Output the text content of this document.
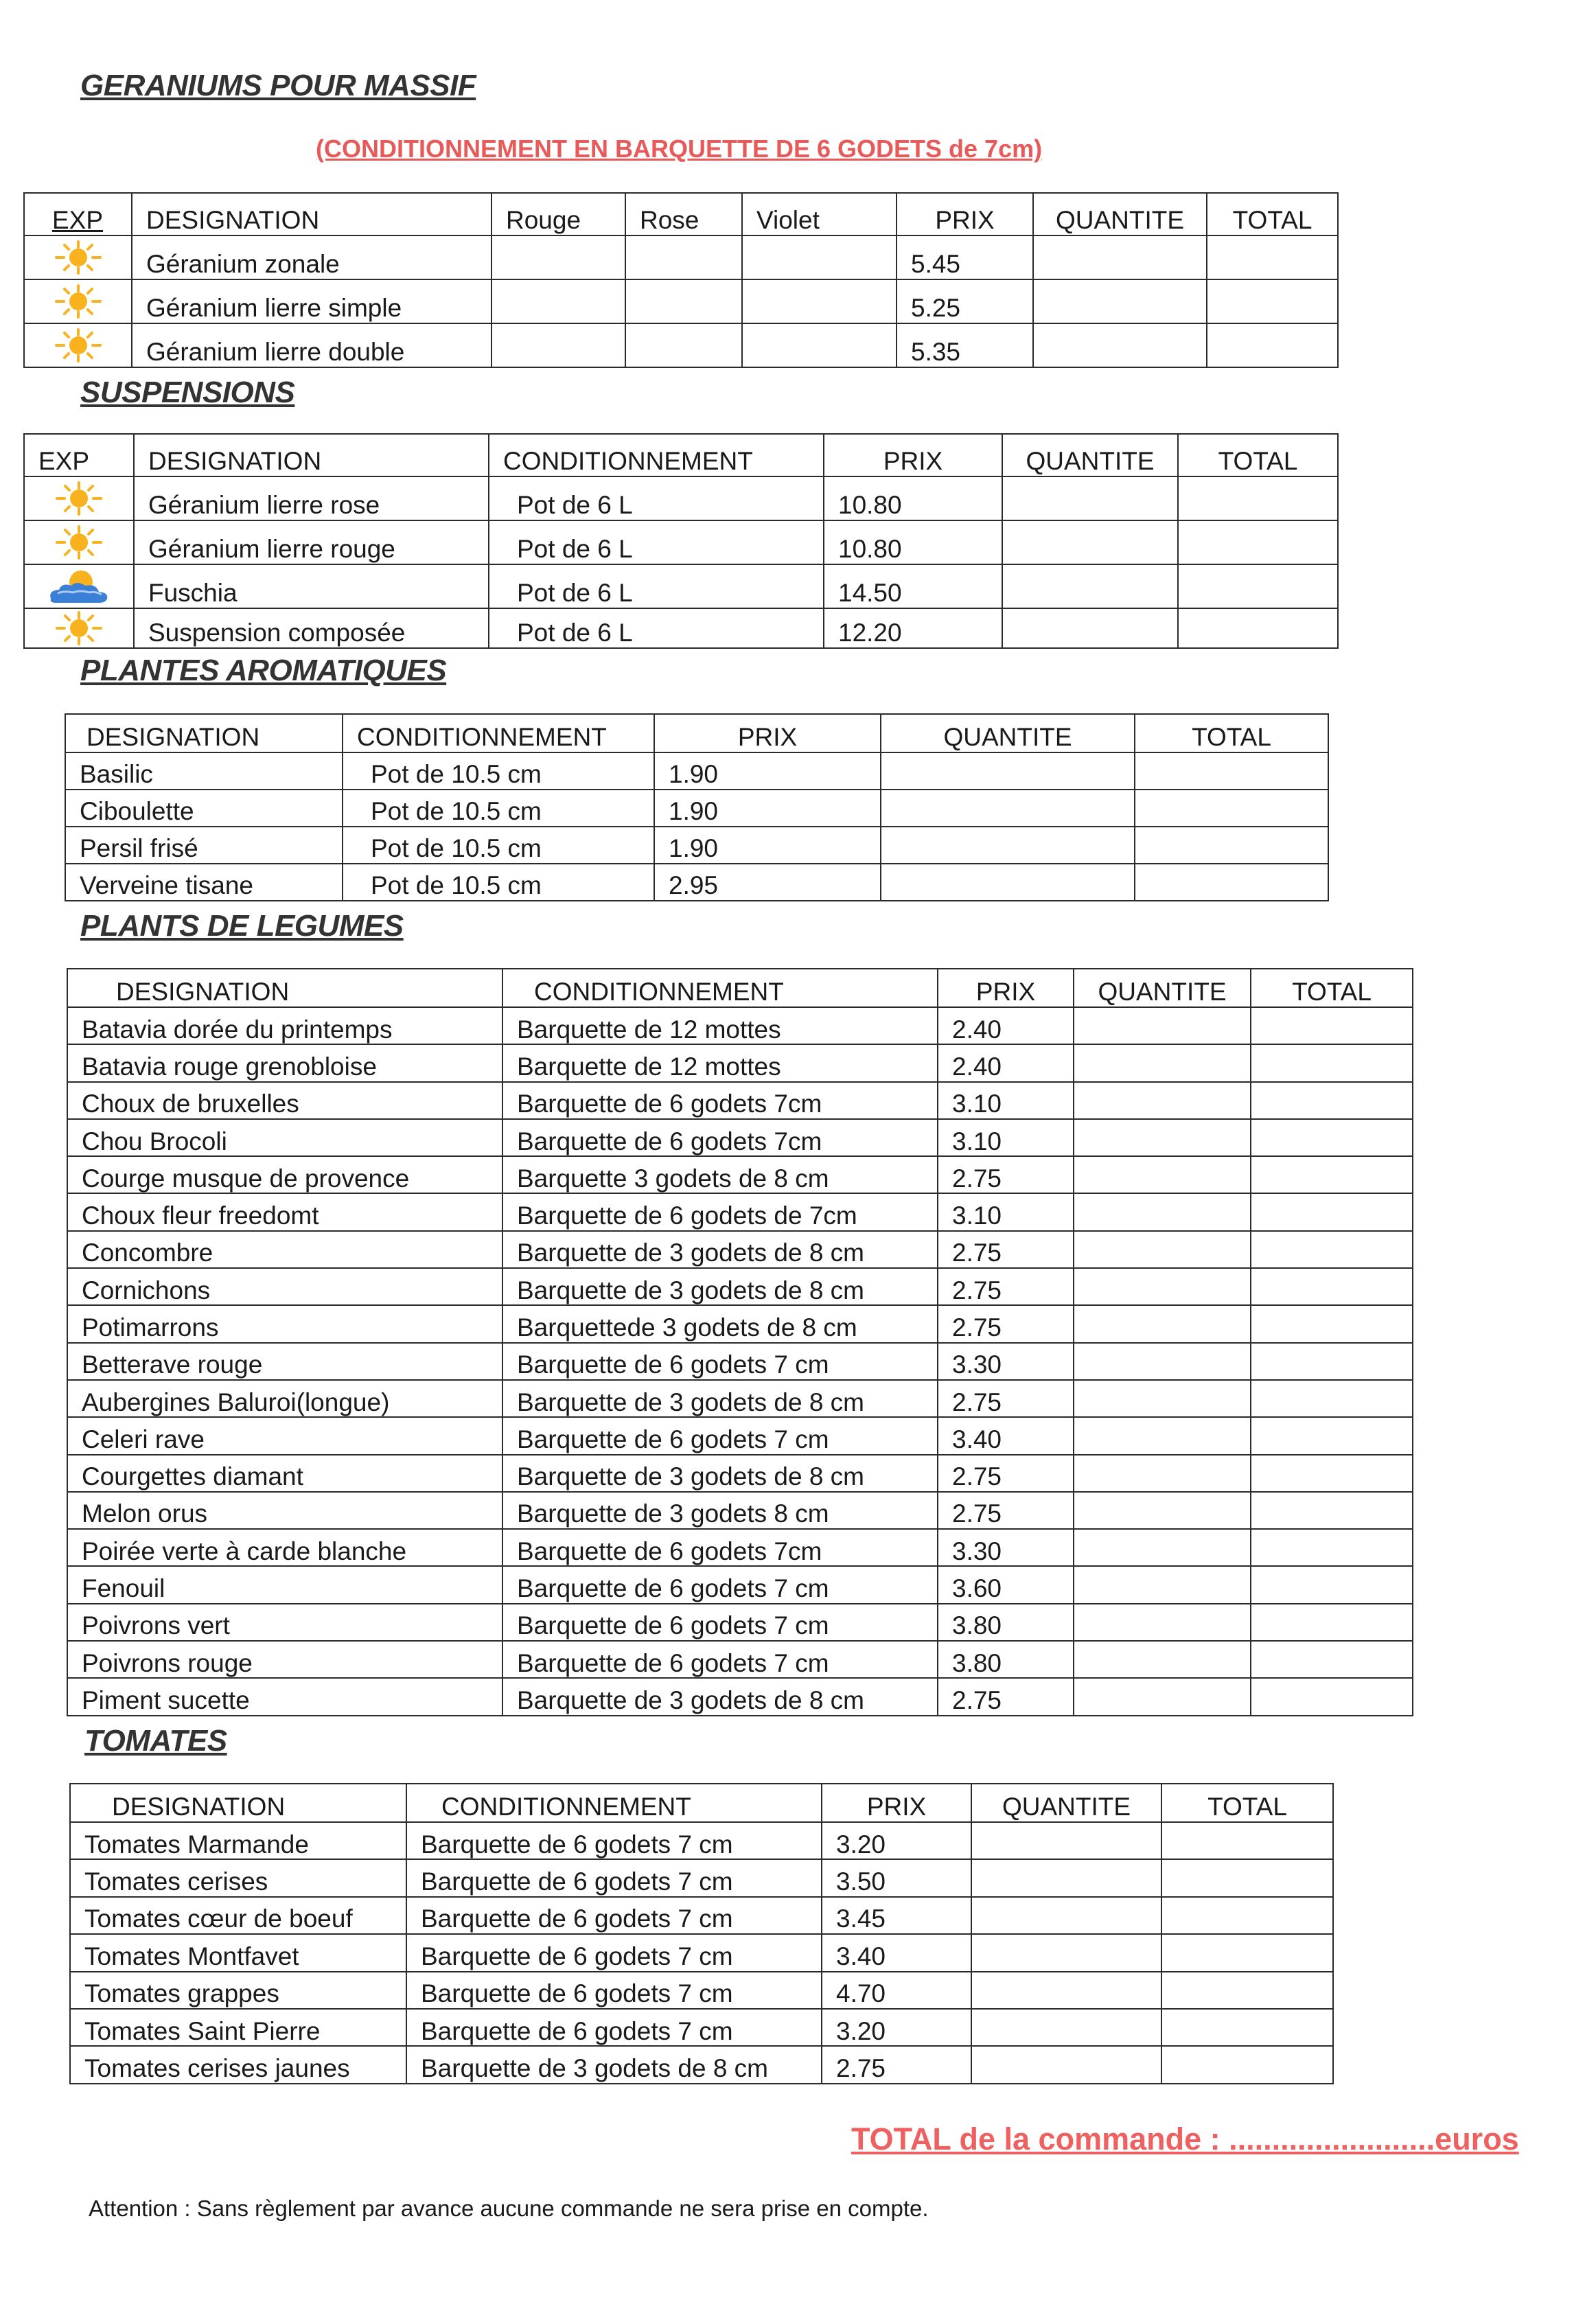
GERANIUMS POUR MASSIF

(CONDITIONNEMENT EN BARQUETTE DE 6 GODETS de 7cm)

EXP	DESIGNATION	Rouge	Rose	Violet	PRIX	QUANTITE	TOTAL
	Géranium zonale				5.45		
	Géranium lierre simple				5.25		
	Géranium lierre double				5.35		
SUSPENSIONS
EXP	DESIGNATION	CONDITIONNEMENT	PRIX	QUANTITE	TOTAL
	Géranium lierre rose	Pot de 6 L	10.80		
	Géranium lierre rouge	Pot de 6 L	10.80		
	Fuschia	Pot de 6 L	14.50		
	Suspension composée	Pot de 6 L	12.20		
PLANTES AROMATIQUES
DESIGNATION	CONDITIONNEMENT	PRIX	QUANTITE	TOTAL
Basilic	Pot de 10.5 cm	1.90		
Ciboulette	Pot de 10.5 cm	1.90		
Persil frisé	Pot de 10.5 cm	1.90		
Verveine tisane	Pot de 10.5 cm	2.95		
PLANTS DE LEGUMES
DESIGNATION	CONDITIONNEMENT	PRIX	QUANTITE	TOTAL
Batavia dorée du printemps	Barquette de 12 mottes	2.40		
Batavia rouge grenobloise	Barquette de 12 mottes	2.40		
Choux de bruxelles	Barquette de 6 godets 7cm	3.10		
Chou Brocoli	Barquette de 6 godets 7cm	3.10		
Courge musque de provence	Barquette 3 godets de 8 cm	2.75		
Choux fleur freedomt	Barquette de 6 godets de 7cm	3.10		
Concombre	Barquette de 3 godets de 8 cm	2.75		
Cornichons	Barquette de 3 godets de 8 cm	2.75		
Potimarrons	Barquettede 3 godets de 8 cm	2.75		
Betterave rouge	Barquette de 6 godets 7 cm	3.30		
Aubergines Baluroi(longue)	Barquette de 3 godets de 8 cm	2.75		
Celeri rave	Barquette de 6 godets 7 cm	3.40		
Courgettes diamant	Barquette de 3 godets de 8 cm	2.75		
Melon orus	Barquette de 3 godets 8 cm	2.75		
Poirée verte à carde blanche	Barquette de 6 godets 7cm	3.30		
Fenouil	Barquette de 6 godets 7 cm	3.60		
Poivrons vert	Barquette de 6 godets 7 cm	3.80		
Poivrons rouge	Barquette de 6 godets 7 cm	3.80		
Piment sucette	Barquette de 3 godets de 8 cm	2.75		
TOMATES
DESIGNATION	CONDITIONNEMENT	PRIX	QUANTITE	TOTAL
Tomates Marmande	Barquette de 6 godets 7 cm	3.20		
Tomates cerises	Barquette de 6 godets 7 cm	3.50		
Tomates cœur de boeuf	Barquette de 6 godets 7 cm	3.45		
Tomates Montfavet	Barquette de 6 godets 7 cm	3.40		
Tomates grappes	Barquette de 6 godets 7 cm	4.70		
Tomates Saint Pierre	Barquette de 6 godets 7 cm	3.20		
Tomates cerises jaunes	Barquette de 3 godets de 8 cm	2.75		

TOTAL de la commande : ........................euros

Attention : Sans règlement par avance aucune commande ne sera prise en compte.
